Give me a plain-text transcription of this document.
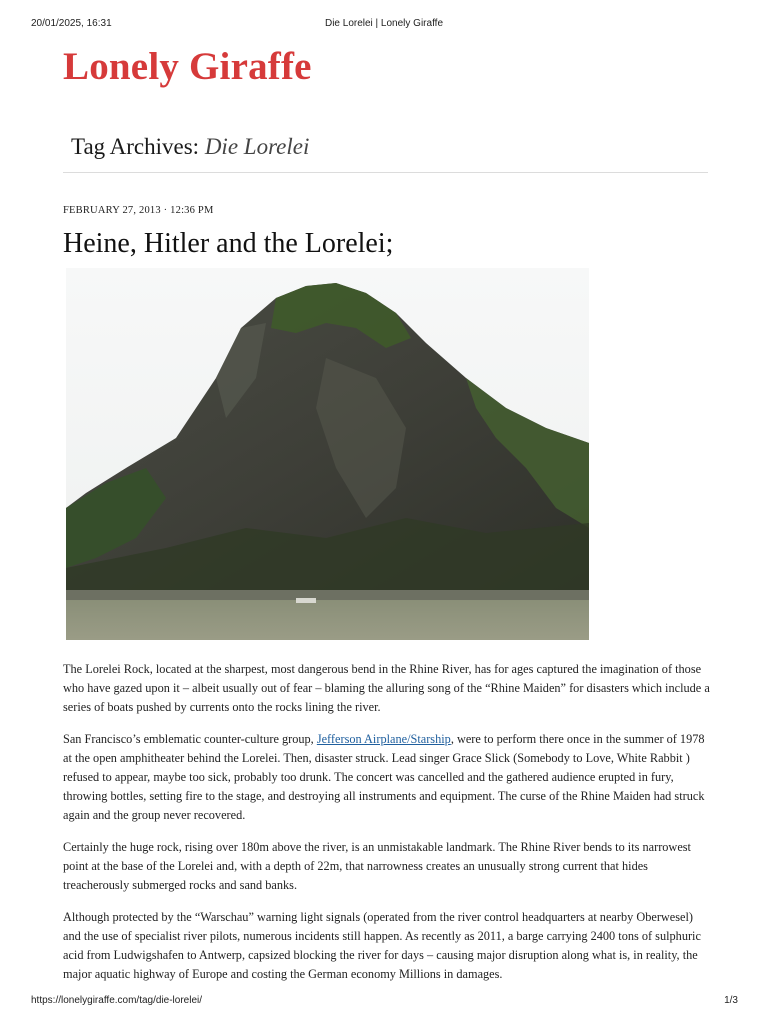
20/01/2025, 16:31	Die Lorelei | Lonely Giraffe
Lonely Giraffe
Tag Archives: Die Lorelei
FEBRUARY 27, 2013 · 12:36 PM
Heine, Hitler and the Lorelei;

The Lorelei Rock, located at the sharpest, most dangerous bend in the Rhine River, has for ages captured the imagination of those who have gazed upon it – albeit usually out of fear – blaming the alluring song of the “Rhine Maiden” for disasters which include a series of boats pushed by currents onto the rocks lining the river.

San Francisco’s emblematic counter-culture group, Jefferson Airplane/Starship, were to perform there once in the summer of 1978 at the open amphitheater behind the Lorelei. Then, disaster struck. Lead singer Grace Slick (Somebody to Love, White Rabbit ) refused to appear, maybe too sick, probably too drunk. The concert was cancelled and the gathered audience erupted in fury, throwing bottles, setting fire to the stage, and destroying all instruments and equipment. The curse of the Rhine Maiden had struck again and the group never recovered.

Certainly the huge rock, rising over 180m above the river, is an unmistakable landmark. The Rhine River bends to its narrowest point at the base of the Lorelei and, with a depth of 22m, that narrowness creates an unusually strong current that hides treacherously submerged rocks and sand banks.

Although protected by the “Warschau” warning light signals (operated from the river control headquarters at nearby Oberwesel) and the use of specialist river pilots, numerous incidents still happen. As recently as 2011, a barge carrying 2400 tons of sulphuric acid from Ludwigshafen to Antwerp, capsized blocking the river for days – causing major disruption along what is, in reality, the major aquatic highway of Europe and costing the German economy Millions in damages.

https://lonelygiraffe.com/tag/die-lorelei/	1/3
